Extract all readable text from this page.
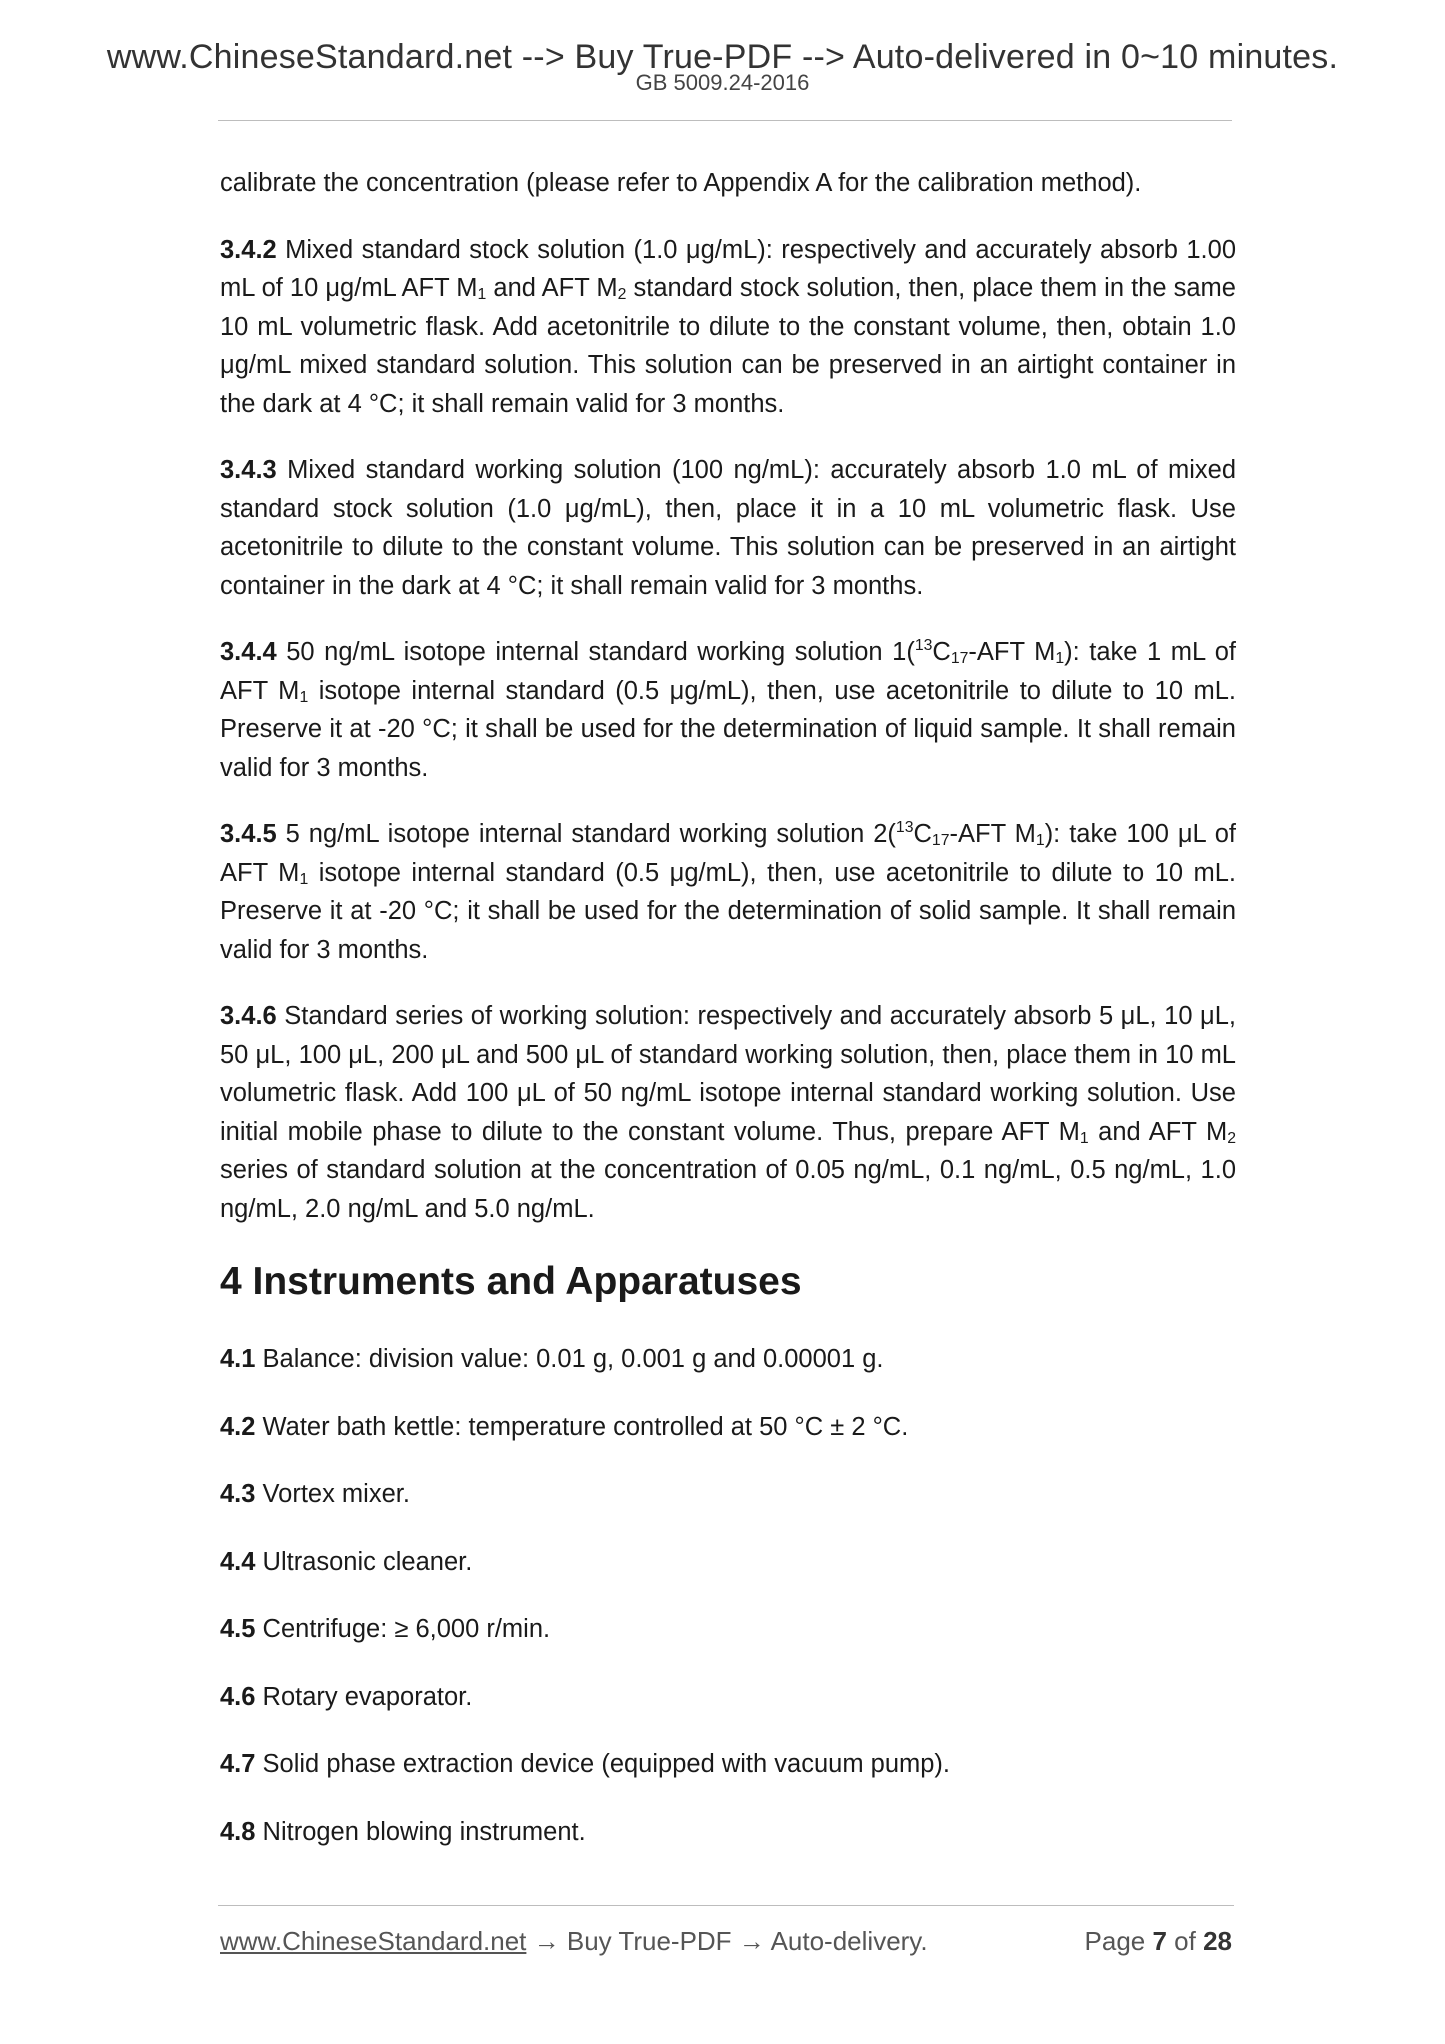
www.ChineseStandard.net --> Buy True-PDF --> Auto-delivered in 0~10 minutes.
GB 5009.24-2016

calibrate the concentration (please refer to Appendix A for the calibration method).

3.4.2 Mixed standard stock solution (1.0 μg/mL): respectively and accurately absorb 1.00 mL of 10 μg/mL AFT $M_1$ and AFT $M_2$ standard stock solution, then, place them in the same 10 mL volumetric flask. Add acetonitrile to dilute to the constant volume, then, obtain 1.0 μg/mL mixed standard solution. This solution can be preserved in an airtight container in the dark at 4 °C; it shall remain valid for 3 months.

3.4.3 Mixed standard working solution (100 ng/mL): accurately absorb 1.0 mL of mixed standard stock solution (1.0 μg/mL), then, place it in a 10 mL volumetric flask. Use acetonitrile to dilute to the constant volume. This solution can be preserved in an airtight container in the dark at 4 °C; it shall remain valid for 3 months.

3.4.4 50 ng/mL isotope internal standard working solution $1(^{13}C_{17}$-AFT $M_1$): take 1 mL of AFT $M_1$ isotope internal standard (0.5 μg/mL), then, use acetonitrile to dilute to 10 mL. Preserve it at -20 °C; it shall be used for the determination of liquid sample. It shall remain valid for 3 months.

3.4.5 5 ng/mL isotope internal standard working solution $2(^{13}C_{17}$-AFT $M_1$): take 100 μL of AFT $M_1$ isotope internal standard (0.5 μg/mL), then, use acetonitrile to dilute to 10 mL. Preserve it at -20 °C; it shall be used for the determination of solid sample. It shall remain valid for 3 months.

3.4.6 Standard series of working solution: respectively and accurately absorb 5 μL, 10 μL, 50 μL, 100 μL, 200 μL and 500 μL of standard working solution, then, place them in 10 mL volumetric flask. Add 100 μL of 50 ng/mL isotope internal standard working solution. Use initial mobile phase to dilute to the constant volume. Thus, prepare AFT $M_1$ and AFT $M_2$ series of standard solution at the concentration of 0.05 ng/mL, 0.1 ng/mL, 0.5 ng/mL, 1.0 ng/mL, 2.0 ng/mL and 5.0 ng/mL.

4 Instruments and Apparatuses

4.1 Balance: division value: 0.01 g, 0.001 g and 0.00001 g.

4.2 Water bath kettle: temperature controlled at 50 °C ± 2 °C.

4.3 Vortex mixer.

4.4 Ultrasonic cleaner.

4.5 Centrifuge: ≥ 6,000 r/min.

4.6 Rotary evaporator.

4.7 Solid phase extraction device (equipped with vacuum pump).

4.8 Nitrogen blowing instrument.

www.ChineseStandard.net → Buy True-PDF → Auto-delivery.	Page 7 of 28
